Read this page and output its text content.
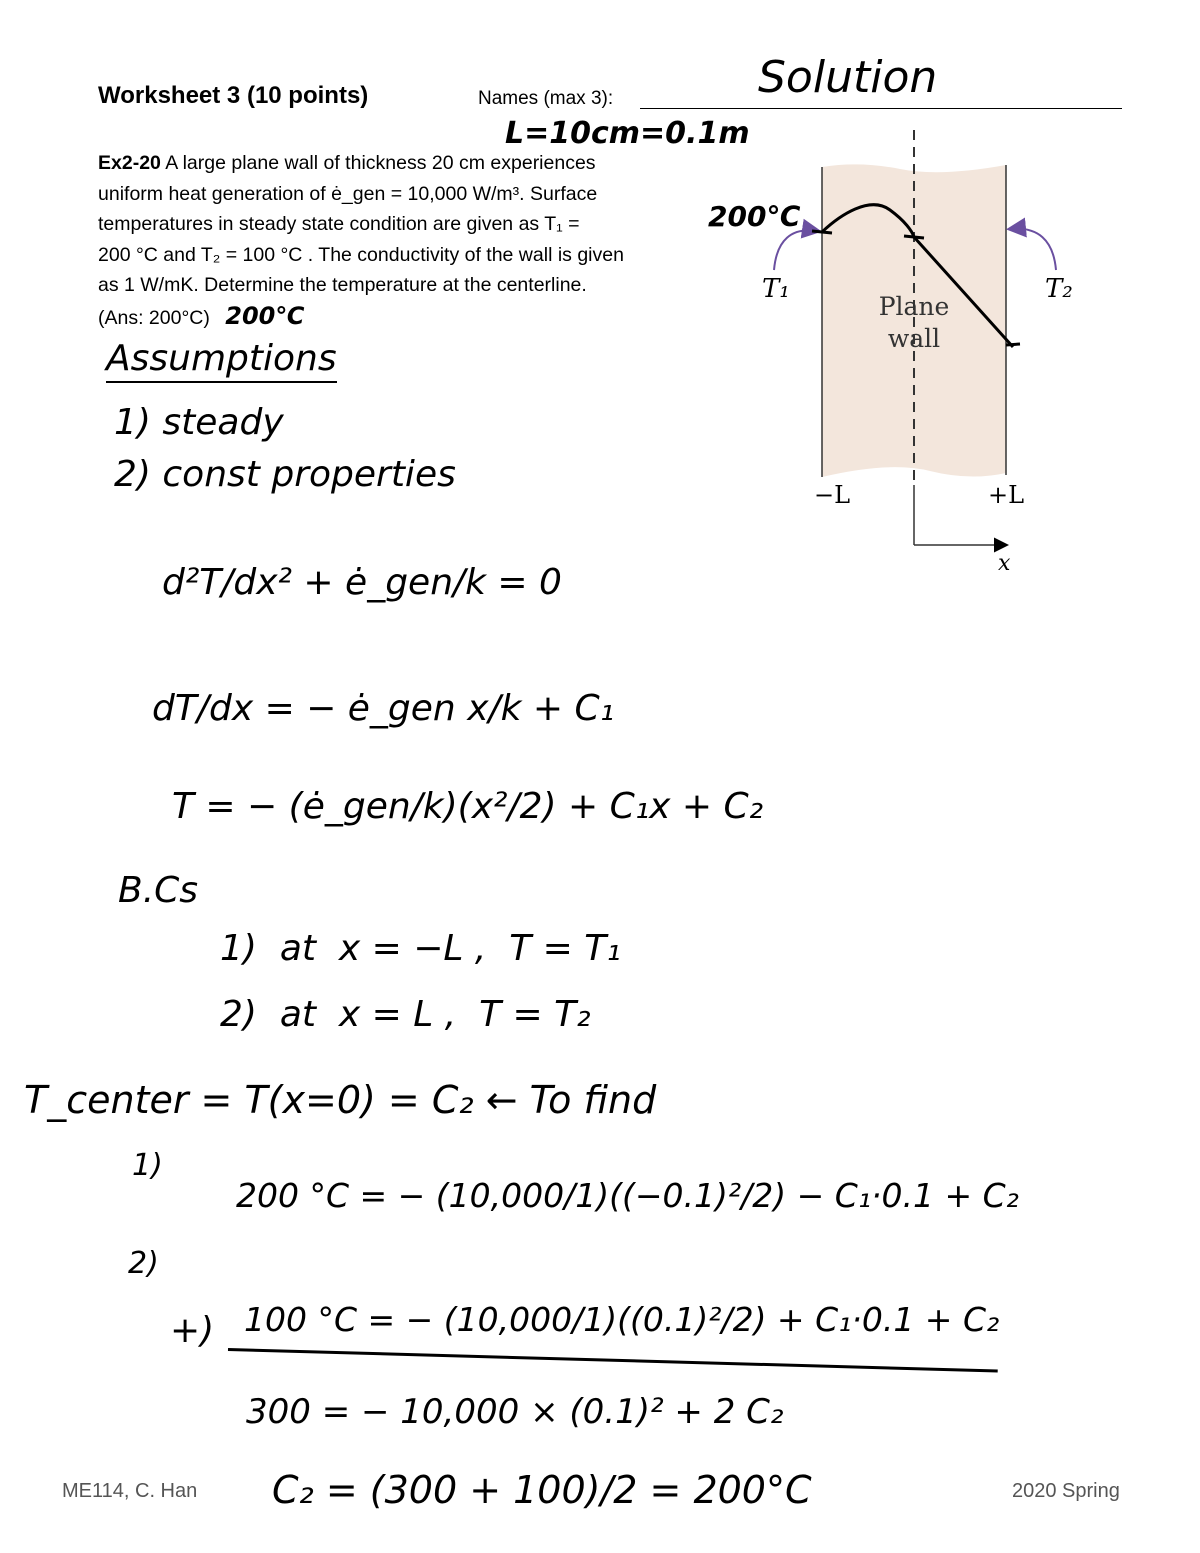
Worksheet 3 (10 points)	Names (max 3):	Solution
L=10cm=0.1m
Ex2-20 A large plane wall of thickness 20 cm experiences
uniform heat generation of ė_gen = 10,000 W/m³. Surface
temperatures in steady state condition are given as T₁ =
200 °C and T₂ = 100 °C . The conductivity of the wall is given
as 1 W/mK. Determine the temperature at the centerline.
(Ans: 200°C) 200℃
T₁	T₂
Plane
wall
−L	+L
x
200℃
Assumptions
1) steady
2) const properties
d²T/dx² + ė_gen/k = 0
dT/dx = − ė_gen x/k + C₁
T = − (ė_gen/k)(x²/2) + C₁x + C₂
B.Cs
1)  at  x = −L ,  T = T₁
2)  at  x = L ,  T = T₂
T_center = T(x=0) = C₂ ← To find
1)
200 °C = − (10,000/1)((−0.1)²/2) − C₁·0.1 + C₂
2)
+) 100 °C = − (10,000/1)((0.1)²/2) + C₁·0.1 + C₂
300 = − 10,000 × (0.1)² + 2 C₂
C₂ = (300 + 100)/2 = 200°C
ME114, C. Han	2020 Spring
